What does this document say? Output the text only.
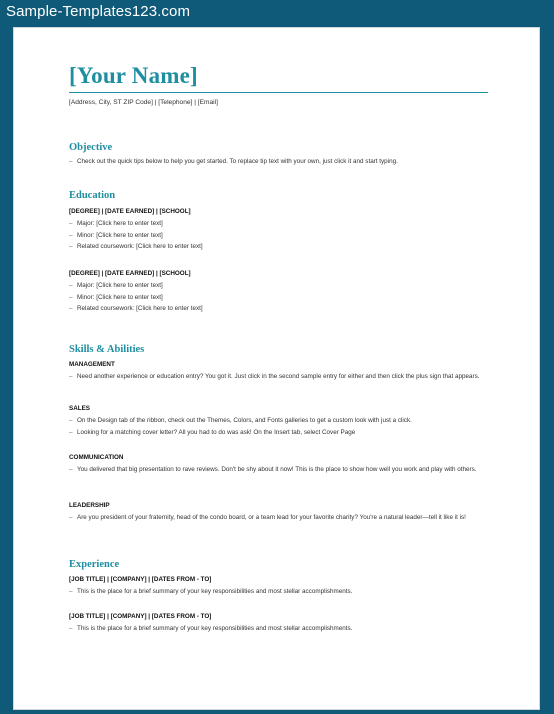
Sample-Templates123.com
[Your Name]
[Address, City, ST ZIP Code] | [Telephone] | [Email]
Objective
– Check out the quick tips below to help you get started. To replace tip text with your own, just click it and start typing.
Education
[DEGREE] | [DATE EARNED] | [SCHOOL]
– Major: [Click here to enter text]
– Minor: [Click here to enter text]
– Related coursework: [Click here to enter text]
[DEGREE] | [DATE EARNED] | [SCHOOL]
– Major: [Click here to enter text]
– Minor: [Click here to enter text]
– Related coursework: [Click here to enter text]
Skills & Abilities
MANAGEMENT
– Need another experience or education entry? You got it. Just click in the second sample entry for either and then click the plus sign that appears.
SALES
– On the Design tab of the ribbon, check out the Themes, Colors, and Fonts galleries to get a custom look with just a click.
– Looking for a matching cover letter? All you had to do was ask! On the Insert tab, select Cover Page
COMMUNICATION
– You delivered that big presentation to rave reviews. Don't be shy about it now! This is the place to show how well you work and play with others.
LEADERSHIP
– Are you president of your fraternity, head of the condo board, or a team lead for your favorite charity? You're a natural leader—tell it like it is!
Experience
[JOB TITLE] | [COMPANY] | [DATES FROM - TO]
– This is the place for a brief summary of your key responsibilities and most stellar accomplishments.
[JOB TITLE] | [COMPANY] | [DATES FROM - TO]
– This is the place for a brief summary of your key responsibilities and most stellar accomplishments.
